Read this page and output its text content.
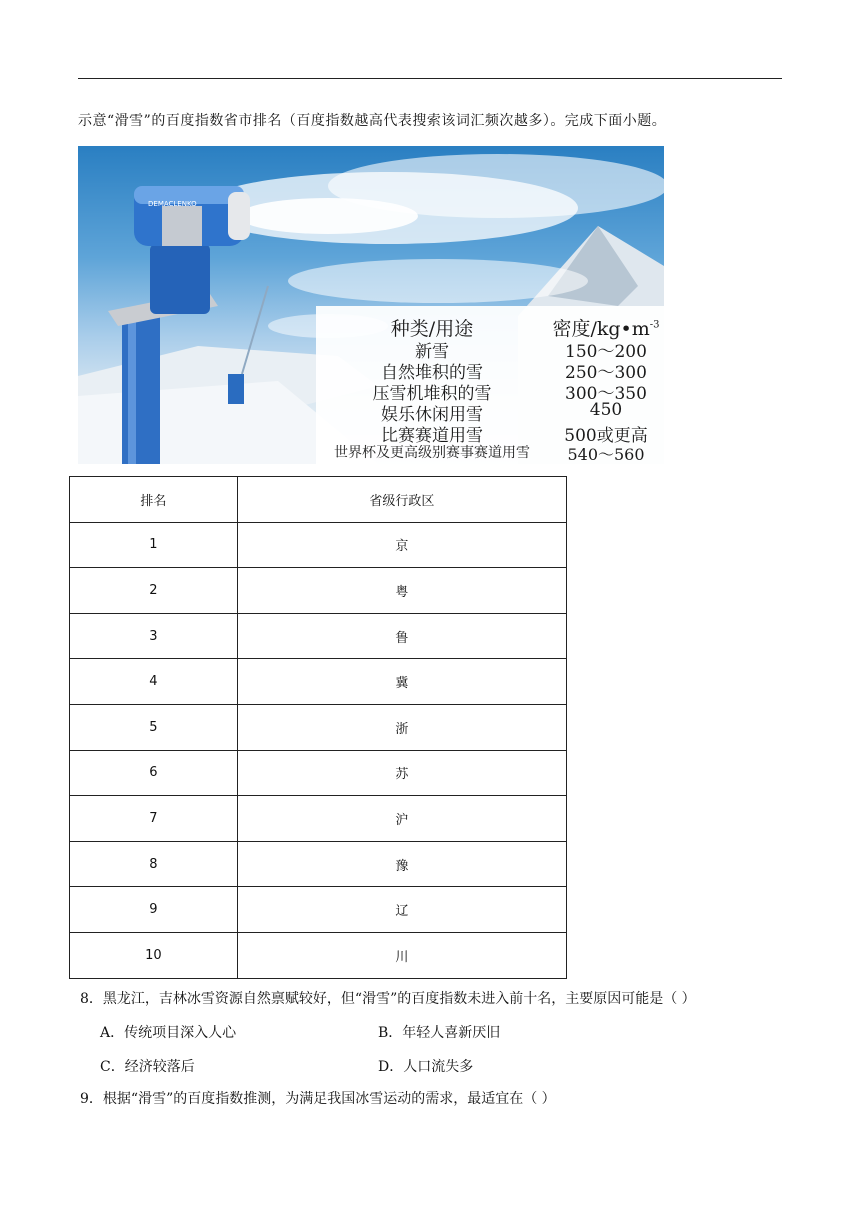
示意“滑雪”的百度指数省市排名（百度指数越高代表搜索该词汇频次越多）。完成下面小题。
DEMACLENKO
种类/用途	密度$/kg•m^{-3}$
新雪	150～200
自然堆积的雪	250～300
压雪机堆积的雪	300～350
娱乐休闲用雪	450
比赛赛道用雪	500或更高
世界杯及更高级别赛事赛道用雪	540～560
排名	省级行政区
1	京
2	粤
3	鲁
4	冀
5	浙
6	苏
7	沪
8	豫
9	辽
10	川
8．黑龙江，吉林冰雪资源自然禀赋较好，但“滑雪”的百度指数未进入前十名，主要原因可能是（ ）
A．传统项目深入人心	B．年轻人喜新厌旧
C．经济较落后	D．人口流失多
9．根据“滑雪”的百度指数推测，为满足我国冰雪运动的需求，最适宜在（ ）
